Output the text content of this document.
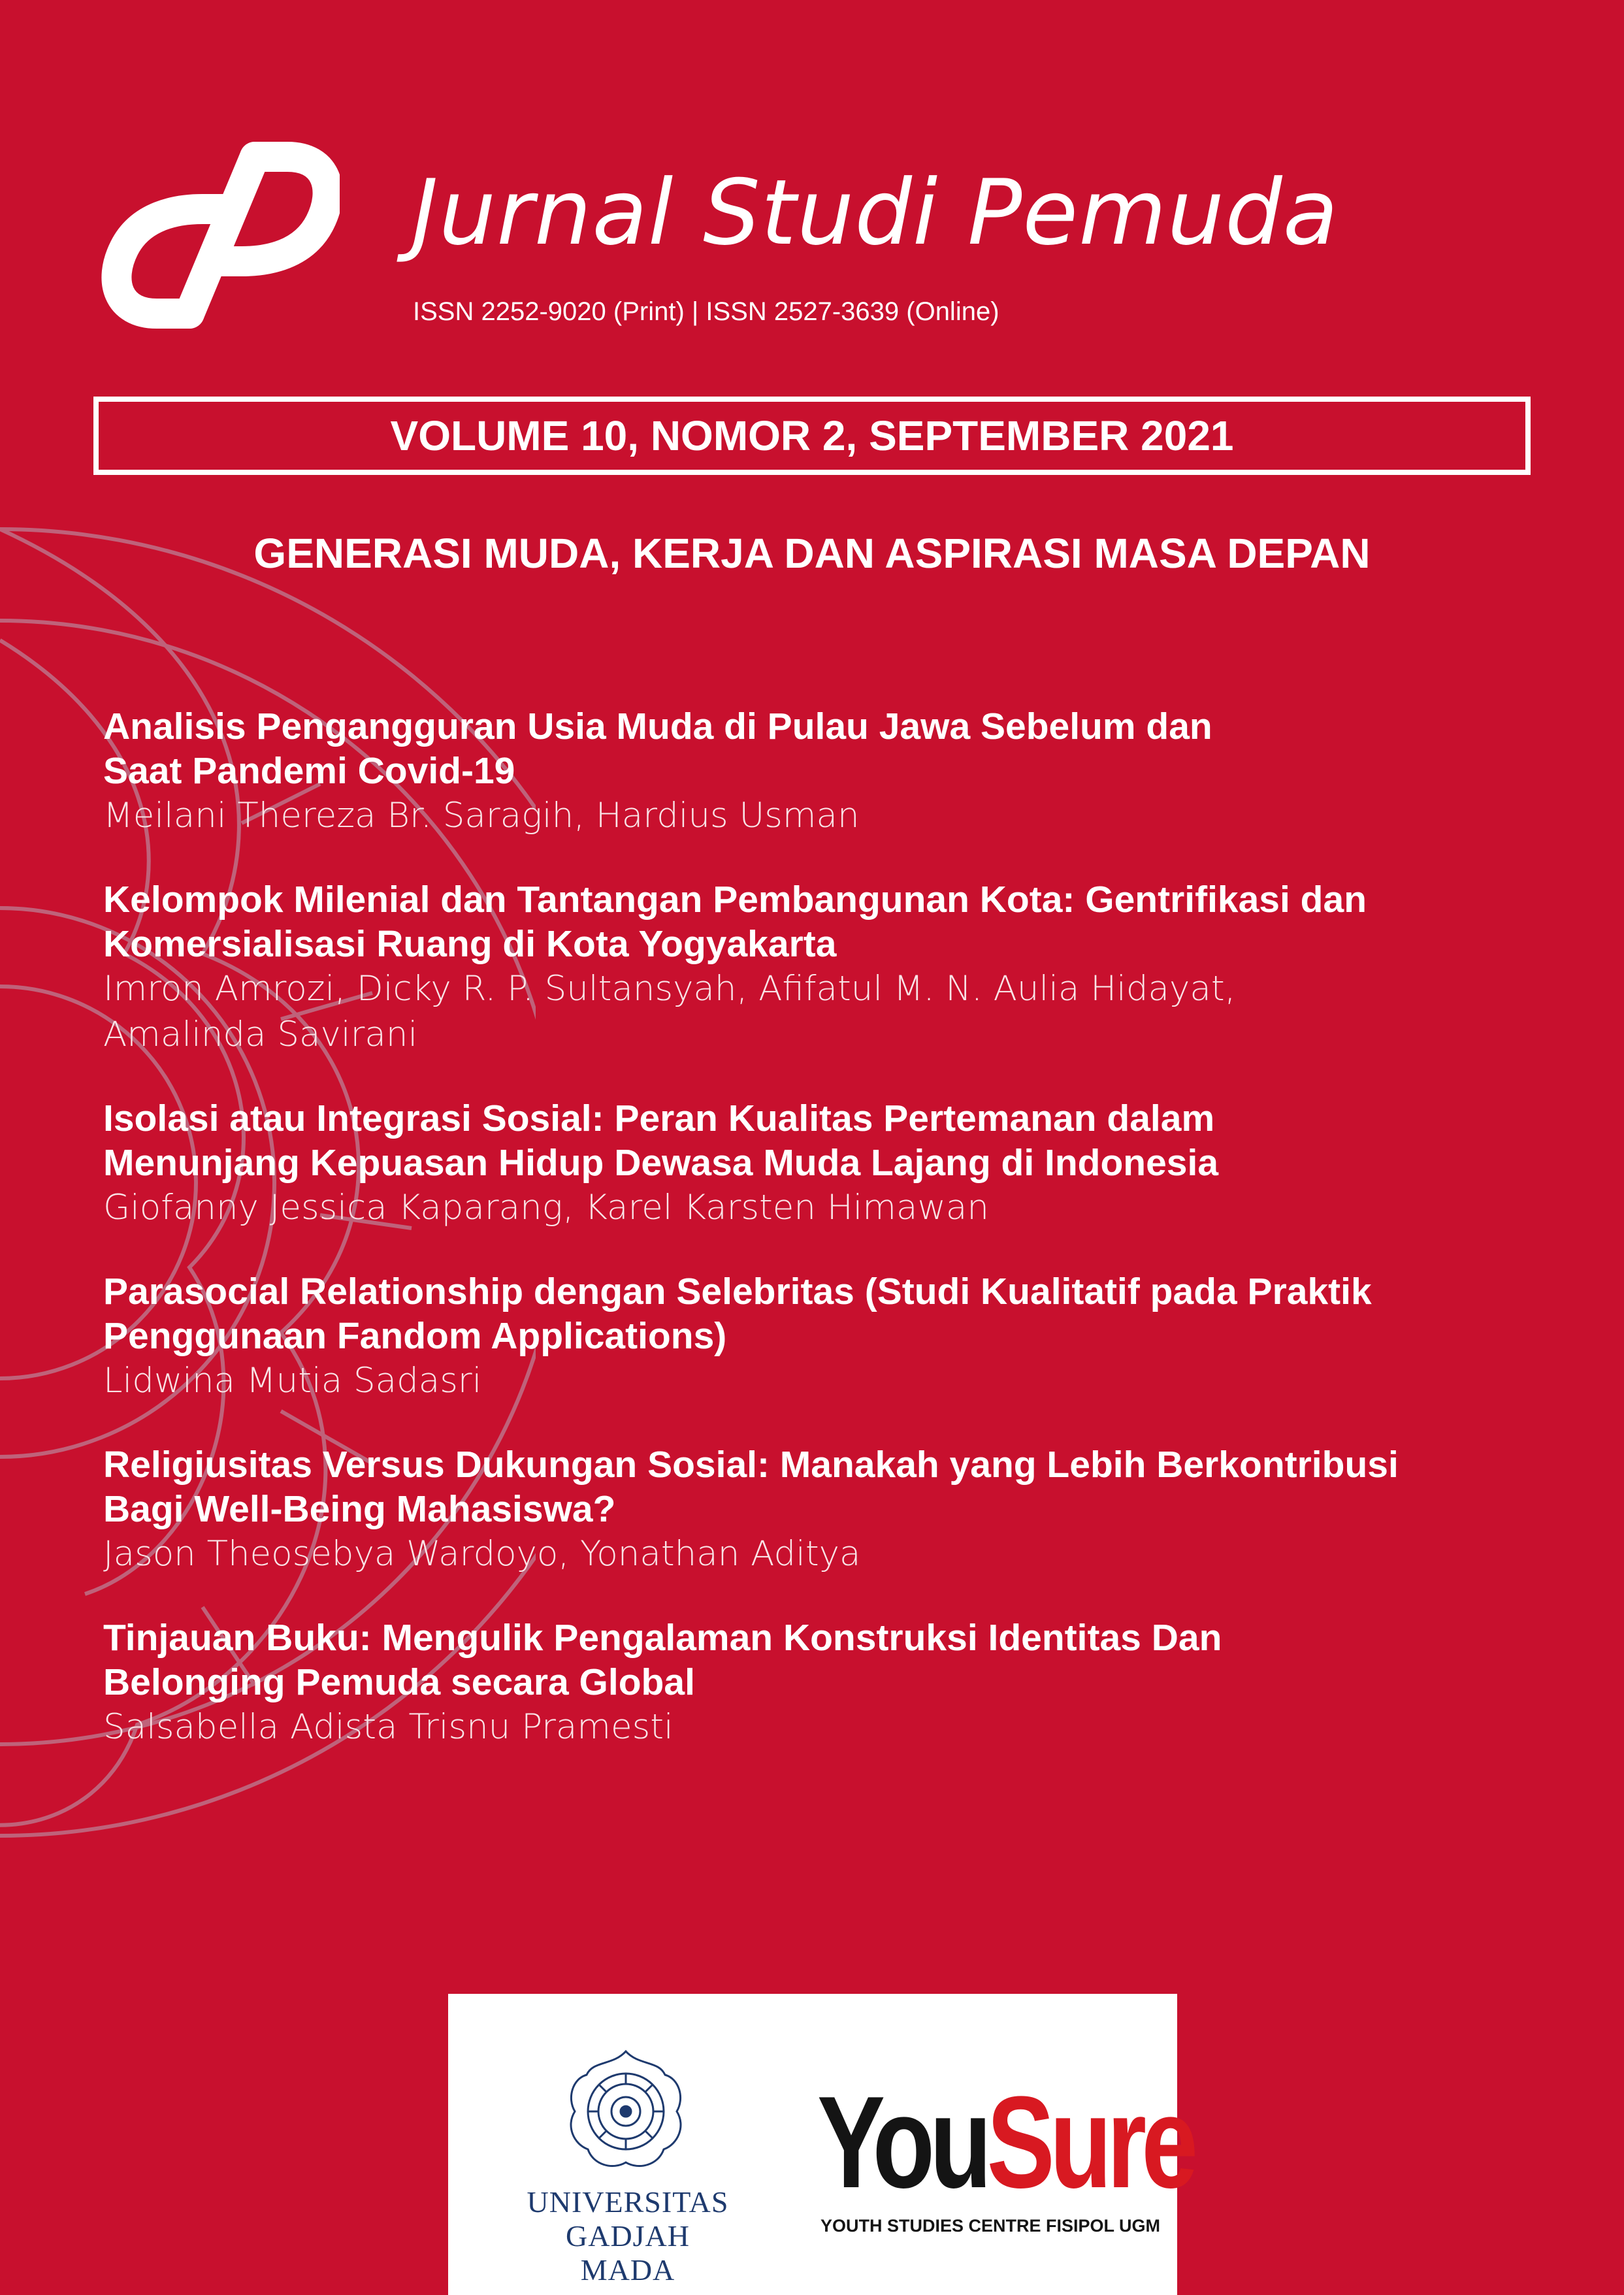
Jurnal Studi Pemuda
ISSN 2252-9020 (Print) | ISSN 2527-3639 (Online)
VOLUME 10, NOMOR 2, SEPTEMBER 2021
GENERASI MUDA, KERJA DAN ASPIRASI MASA DEPAN
Analisis Pengangguran Usia Muda di Pulau Jawa Sebelum dan
Saat Pandemi Covid-19
Meilani Thereza Br. Saragih, Hardius Usman
Kelompok Milenial dan Tantangan Pembangunan Kota: Gentrifikasi dan
Komersialisasi Ruang di Kota Yogyakarta
Imron Amrozi, Dicky R. P. Sultansyah, Afifatul M. N. Aulia Hidayat,
Amalinda Savirani
Isolasi atau Integrasi Sosial: Peran Kualitas Pertemanan dalam
Menunjang Kepuasan Hidup Dewasa Muda Lajang di Indonesia
Giofanny Jessica Kaparang, Karel Karsten Himawan
Parasocial Relationship dengan Selebritas (Studi Kualitatif pada Praktik
Penggunaan Fandom Applications)
Lidwina Mutia Sadasri
Religiusitas Versus Dukungan Sosial: Manakah yang Lebih Berkontribusi
Bagi Well-Being Mahasiswa?
Jason Theosebya Wardoyo, Yonathan Aditya
Tinjauan Buku: Mengulik Pengalaman Konstruksi Identitas Dan
Belonging Pemuda secara Global
Salsabella Adista Trisnu Pramesti
UNIVERSITAS
GADJAH MADA
YouSure
YOUTH STUDIES CENTRE FISIPOL UGM
